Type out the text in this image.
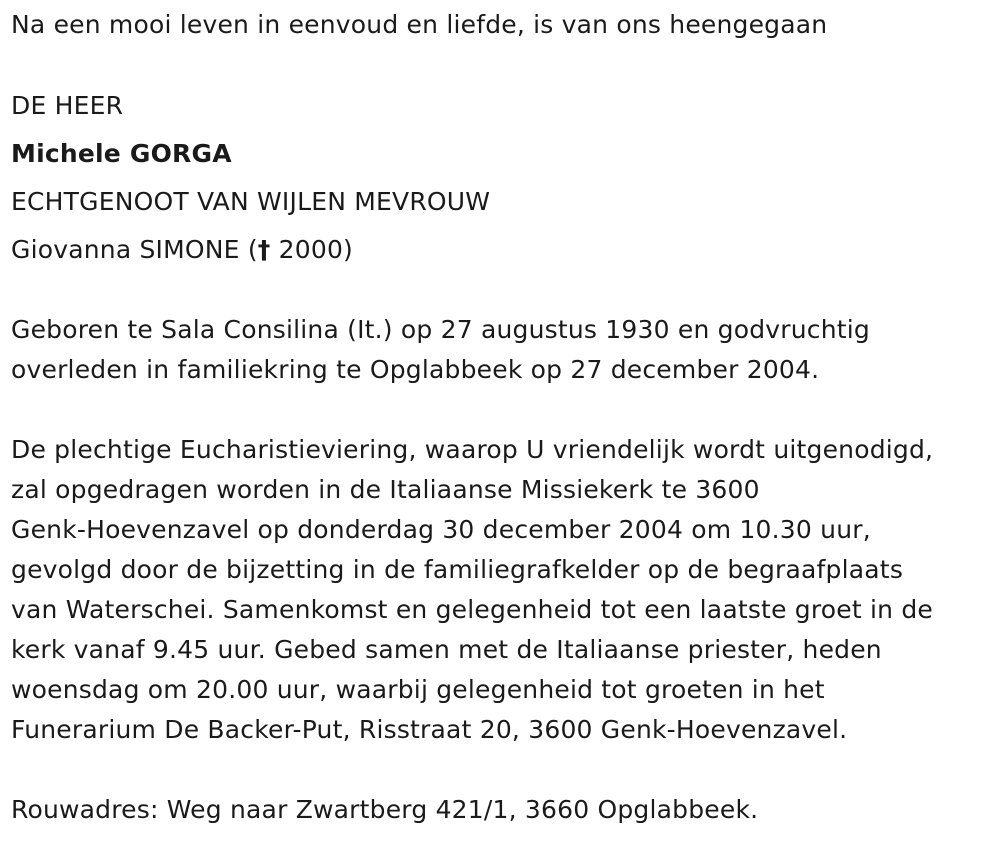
Na een mooi leven in eenvoud en liefde, is van ons heengegaan
DE HEER
Michele GORGA
ECHTGENOOT VAN WIJLEN MEVROUW
Giovanna SIMONE († 2000)
Geboren te Sala Consilina (It.) op 27 augustus 1930 en godvruchtig
overleden in familiekring te Opglabbeek op 27 december 2004.
De plechtige Eucharistieviering, waarop U vriendelijk wordt uitgenodigd,
zal opgedragen worden in de Italiaanse Missiekerk te 3600
Genk-Hoevenzavel op donderdag 30 december 2004 om 10.30 uur,
gevolgd door de bijzetting in de familiegrafkelder op de begraafplaats
van Waterschei. Samenkomst en gelegenheid tot een laatste groet in de
kerk vanaf 9.45 uur. Gebed samen met de Italiaanse priester, heden
woensdag om 20.00 uur, waarbij gelegenheid tot groeten in het
Funerarium De Backer-Put, Risstraat 20, 3600 Genk-Hoevenzavel.
Rouwadres: Weg naar Zwartberg 421/1, 3660 Opglabbeek.
